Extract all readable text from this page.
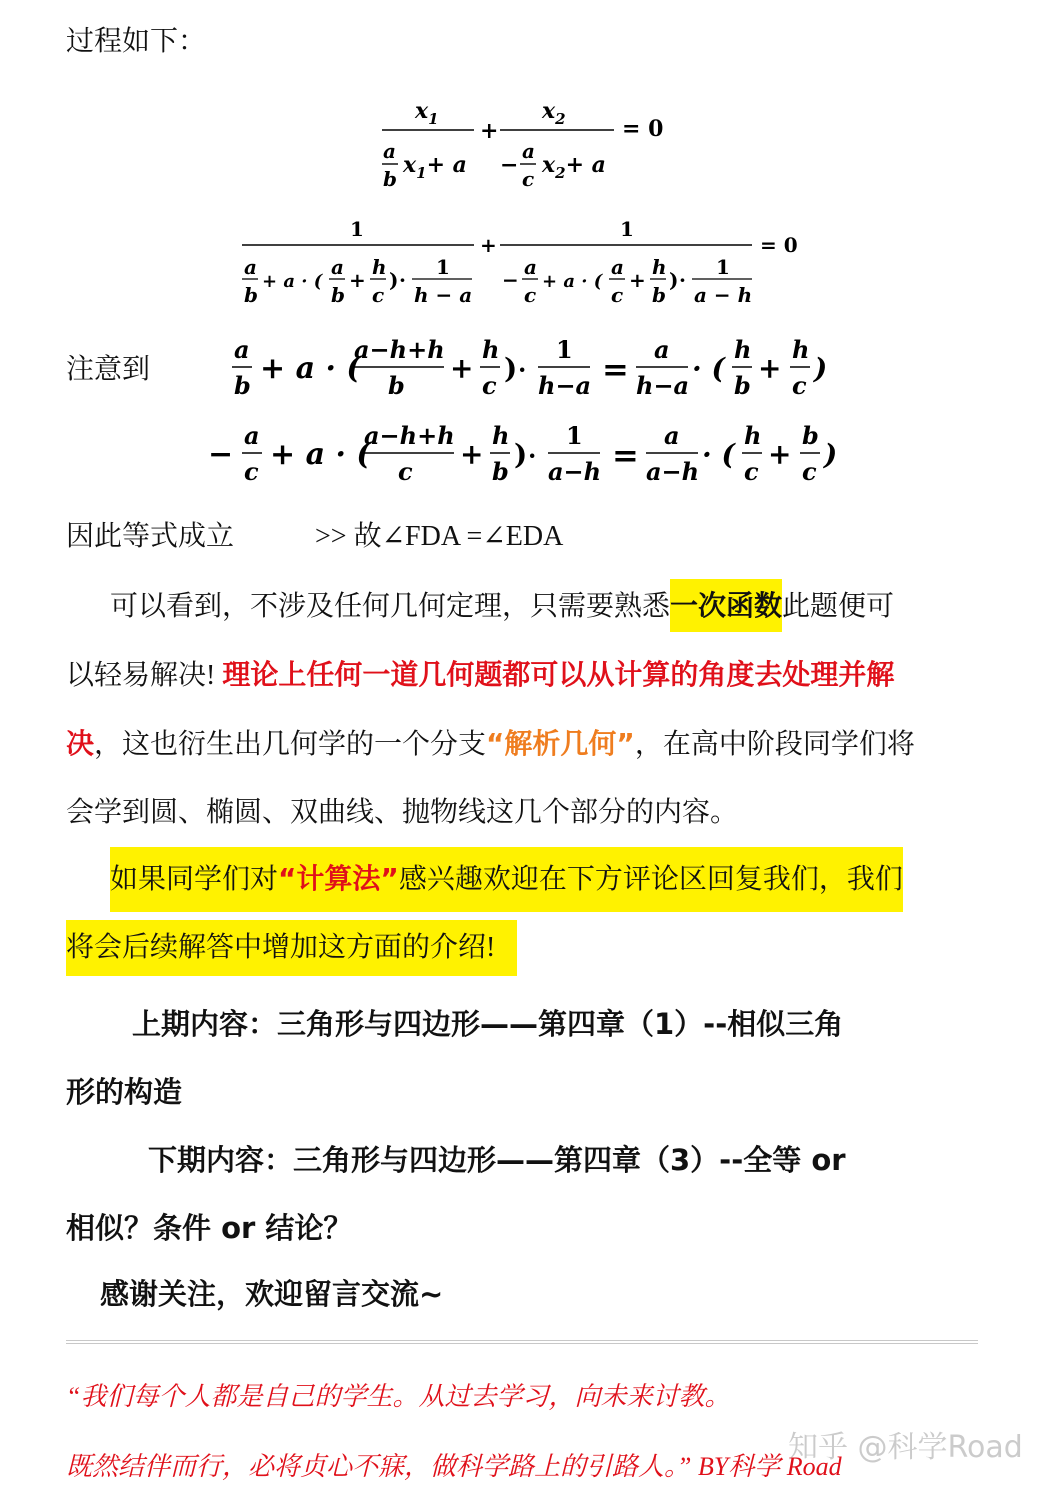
过程如下：
$x_1$
a
b
$x_1+ a$
+
$x_2$
−
a
c
$x_2+ a$
= 0
1
a
b
+ a · (
a
b
+
h
c
) ·
1
h − a
+
1
−
a
c
+ a · (
a
c
+
h
b
) ·
1
a − h
= 0
注意到
a
b + a · (
a−h+h
b
+
h
c
) ·
1
h−a =
a
h−a
· (
h
b
+
h
c
)
−
a
c + a · (
a−h+h
c
+
h
b
) ·
1
a−h =
a
a−h
· (
h
c
+
b
c
)
因此等式成立	>> 故∠FDA =∠EDA
可以看到，不涉及任何几何定理，只需要熟悉一次函数此题便可
以轻易解决! 理论上任何一道几何题都可以从计算的角度去处理并解
决，这也衍生出几何学的一个分支“解析几何”，在高中阶段同学们将
会学到圆、椭圆、双曲线、抛物线这几个部分的内容。
如果同学们对“计算法”感兴趣欢迎在下方评论区回复我们，我们
将会后续解答中增加这方面的介绍!
上期内容：三角形与四边形——第四章（1）--相似三角
形的构造
下期内容：三角形与四边形——第四章（3）--全等 or
相似？条件 or 结论？
感谢关注，欢迎留言交流~
“我们每个人都是自己的学生。从过去学习，向未来讨教。
既然结伴而行，必将贞心不寐，做科学路上的引路人。” BY科学 Road
知乎 @科学Road
